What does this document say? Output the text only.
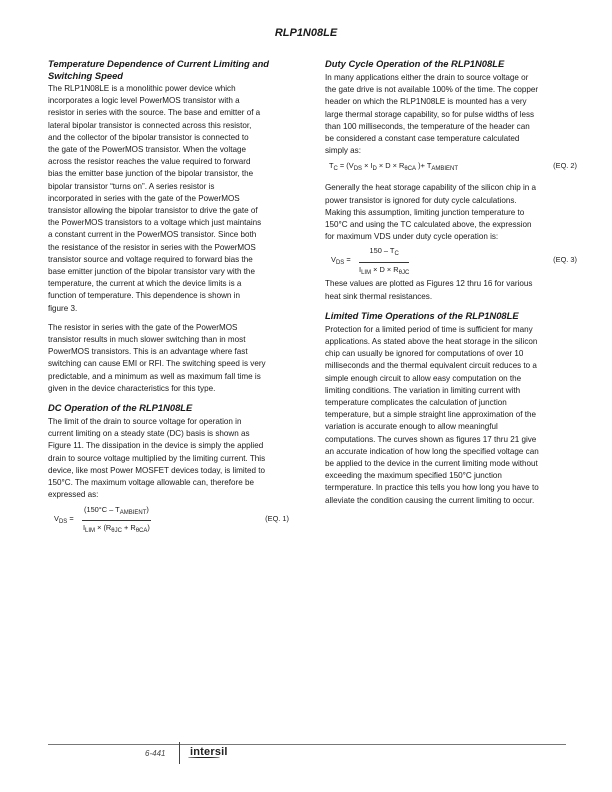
RLP1N08LE
Temperature Dependence of Current Limiting and
Switching Speed
The RLP1N08LE is a monolithic power device which
incorporates a logic level PowerMOS transistor with a
resistor in series with the source. The base and emitter of a
lateral bipolar transistor is connected across this resistor,
and the collector of the bipolar transistor is connected to
the gate of the PowerMOS transistor. When the voltage
across the resistor reaches the value required to forward
bias the emitter base junction of the bipolar transistor, the
bipolar transistor “turns on”. A series resistor is
incorporated in series with the gate of the PowerMOS
transistor allowing the bipolar transistor to drive the gate of
the PowerMOS transistors to a voltage which just maintains
a constant current in the PowerMOS transistor. Since both
the resistance of the resistor in series with the PowerMOS
transistor source and voltage required to forward bias the
base emitter junction of the bipolar transistor vary with the
temperature, the current at which the device limits is a
function of temperature. This dependence is shown in
figure 3.
The resistor in series with the gate of the PowerMOS
transistor results in much slower switching than in most
PowerMOS transistors. This is an advantage where fast
switching can cause EMI or RFI. The switching speed is very
predictable, and a minimum as well as maximum fall time is
given in the device characteristics for this type.
DC Operation of the RLP1N08LE
The limit of the drain to source voltage for operation in
current limiting on a steady state (DC) basis is shown as
Figure 11. The dissipation in the device is simply the applied
drain to source voltage multiplied by the limiting current. This
device, like most Power MOSFET devices today, is limited to
150°C. The maximum voltage allowable can, therefore be
expressed as:
$V_{DS}$ =
$(150^\circ C - T_{AMBIENT})$
$I_{LIM} \times (R_{\theta JC} + R_{\theta CA})$
(EQ. 1)
Duty Cycle Operation of the RLP1N08LE
In many applications either the drain to source voltage or
the gate drive is not available 100% of the time. The copper
header on which the RLP1N08LE is mounted has a very
large thermal storage capability, so for pulse widths of less
than 100 milliseconds, the temperature of the header can
be considered a constant case temperature calculated
simply as:
$T_C = (V_{DS} \times I_D \times D \times R_{\theta CA}$ )+ $T_{AMBIENT}$	(EQ. 2)
Generally the heat storage capability of the silicon chip in a
power transistor is ignored for duty cycle calculations.
Making this assumption, limiting junction temperature to
150°C and using the TC calculated above, the expression
for maximum VDS under duty cycle operation is:
$V_{DS}$ =
$150 - T_C$
$I_{LIM} \times D \times R_{\theta JC}$
(EQ. 3)
These values are plotted as Figures 12 thru 16 for various
heat sink thermal resistances.
Limited Time Operations of the RLP1N08LE
Protection for a limited period of time is sufficient for many
applications. As stated above the heat storage in the silicon
chip can usually be ignored for computations of over 10
milliseconds and the thermal equivalent circuit reduces to a
simple enough circuit to allow easy computation on the
limiting conditions. The variation in limiting current with
temperature complicates the calculation of junction
temperature, but a simple straight line approximation of the
variation is accurate enough to allow meaningful
computations. The curves shown as figures 17 thru 21 give
an accurate indication of how long the specified voltage can
be applied to the device in the current limiting mode without
exceeding the maximum specified 150°C junction
termperature. In practice this tells you how long you have to
alleviate the condition causing the current limiting to occur.
6-441 intersil
